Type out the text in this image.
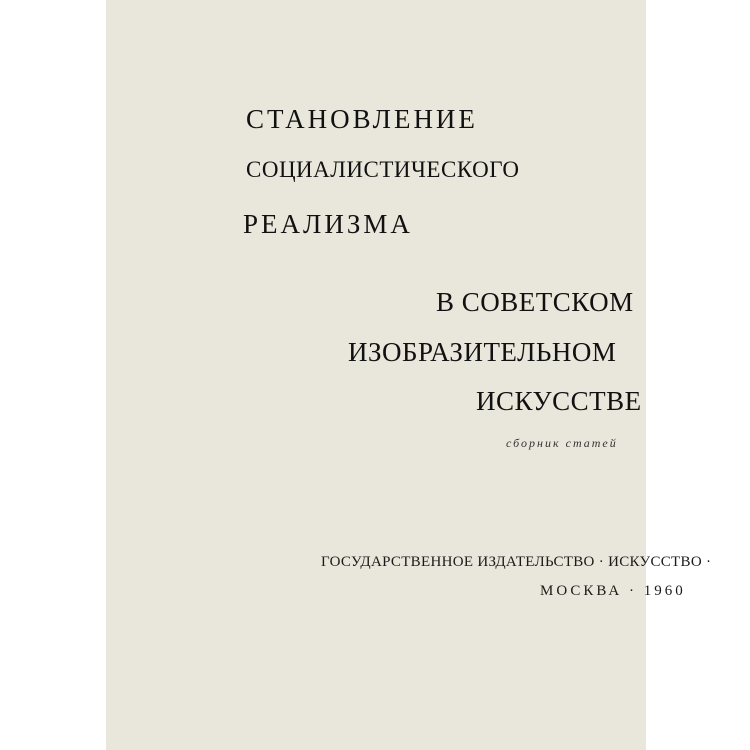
СТАНОВЛЕНИЕ

СОЦИАЛИСТИЧЕСКОГО

РЕАЛИЗМА

В СОВЕТСКОМ

ИЗОБРАЗИТЕЛЬНОМ

ИСКУССТВЕ

сборник статей

ГОСУДАРСТВЕННОЕ ИЗДАТЕЛЬСТВО · ИСКУССТВО ·

МОСКВА · 1960
